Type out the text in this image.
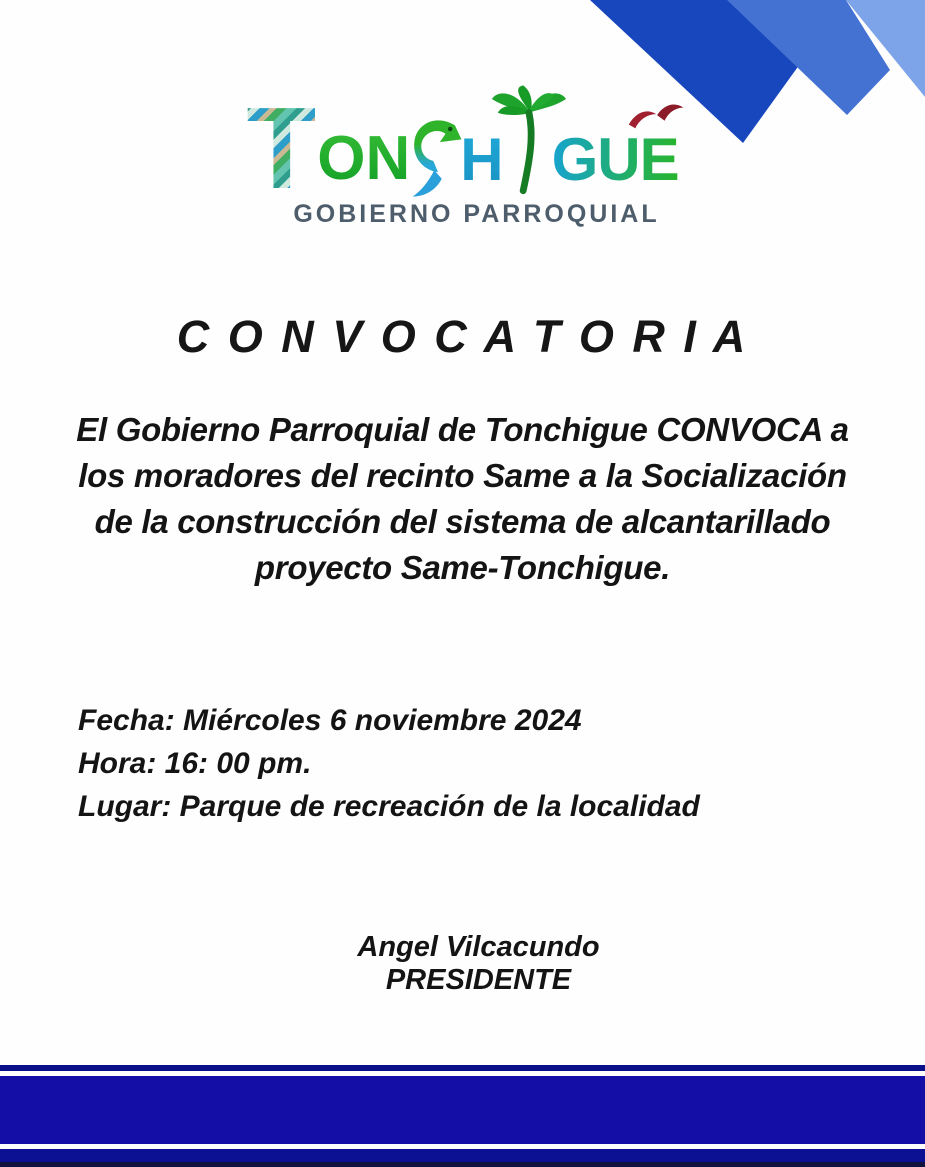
T ON H GUE
GOBIERNO PARROQUIAL
C O N V O C A T O R I A
El Gobierno Parroquial de Tonchigue CONVOCA a
los moradores del recinto Same a la Socialización
de la construcción del sistema de alcantarillado
proyecto Same-Tonchigue.
Fecha: Miércoles 6 noviembre 2024
Hora: 16: 00 pm.
Lugar: Parque de recreación de la localidad
Angel Vilcacundo
PRESIDENTE
